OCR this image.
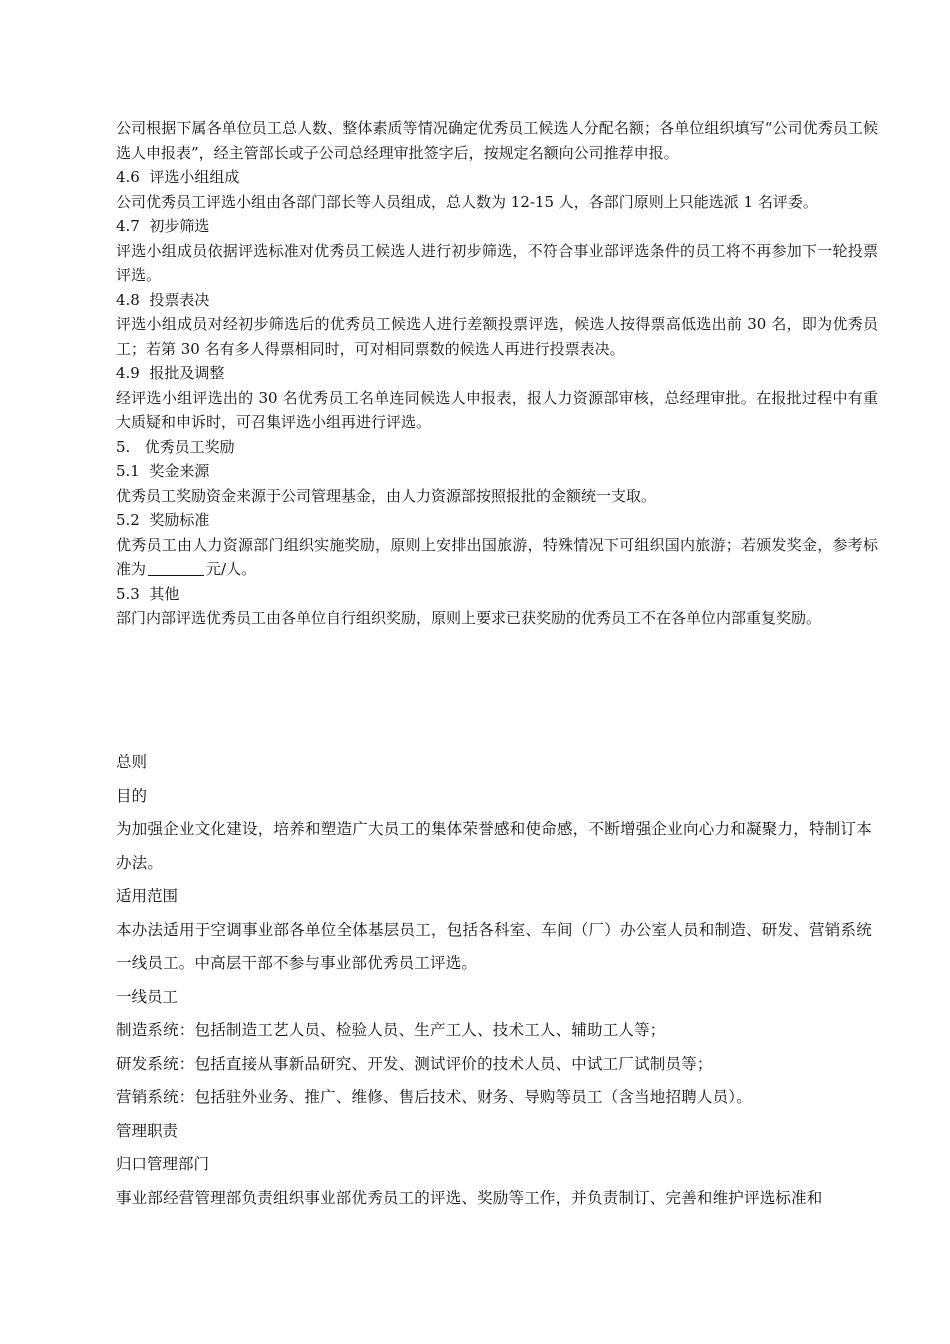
公司根据下属各单位员工总人数、整体素质等情况确定优秀员工候选人分配名额；各单位组织填写“公司优秀员工候选人申报表”，经主管部长或子公司总经理审批签字后，按规定名额向公司推荐申报。

4.6  评选小组组成

公司优秀员工评选小组由各部门部长等人员组成，总人数为 12-15 人，各部门原则上只能选派 1 名评委。

4.7  初步筛选

评选小组成员依据评选标准对优秀员工候选人进行初步筛选，不符合事业部评选条件的员工将不再参加下一轮投票评选。

4.8  投票表决

评选小组成员对经初步筛选后的优秀员工候选人进行差额投票评选，候选人按得票高低选出前 30 名，即为优秀员工；若第 30 名有多人得票相同时，可对相同票数的候选人再进行投票表决。

4.9  报批及调整

经评选小组评选出的 30 名优秀员工名单连同候选人申报表，报人力资源部审核，总经理审批。在报批过程中有重大质疑和申诉时，可召集评选小组再进行评选。

5.   优秀员工奖励

5.1  奖金来源

优秀员工奖励资金来源于公司管理基金，由人力资源部按照报批的金额统一支取。

5.2  奖励标准

优秀员工由人力资源部门组织实施奖励，原则上安排出国旅游，特殊情况下可组织国内旅游；若颁发奖金，参考标准为	元/人。

5.3  其他

部门内部评选优秀员工由各单位自行组织奖励，原则上要求已获奖励的优秀员工不在各单位内部重复奖励。

总则

目的

为加强企业文化建设，培养和塑造广大员工的集体荣誉感和使命感，不断增强企业向心力和凝聚力，特制订本办法。

适用范围

本办法适用于空调事业部各单位全体基层员工，包括各科室、车间（厂）办公室人员和制造、研发、营销系统一线员工。中高层干部不参与事业部优秀员工评选。

一线员工

制造系统：包括制造工艺人员、检验人员、生产工人、技术工人、辅助工人等；

研发系统：包括直接从事新品研究、开发、测试评价的技术人员、中试工厂试制员等；

营销系统：包括驻外业务、推广、维修、售后技术、财务、导购等员工（含当地招聘人员）。

管理职责

归口管理部门

事业部经营管理部负责组织事业部优秀员工的评选、奖励等工作，并负责制订、完善和维护评选标准和
